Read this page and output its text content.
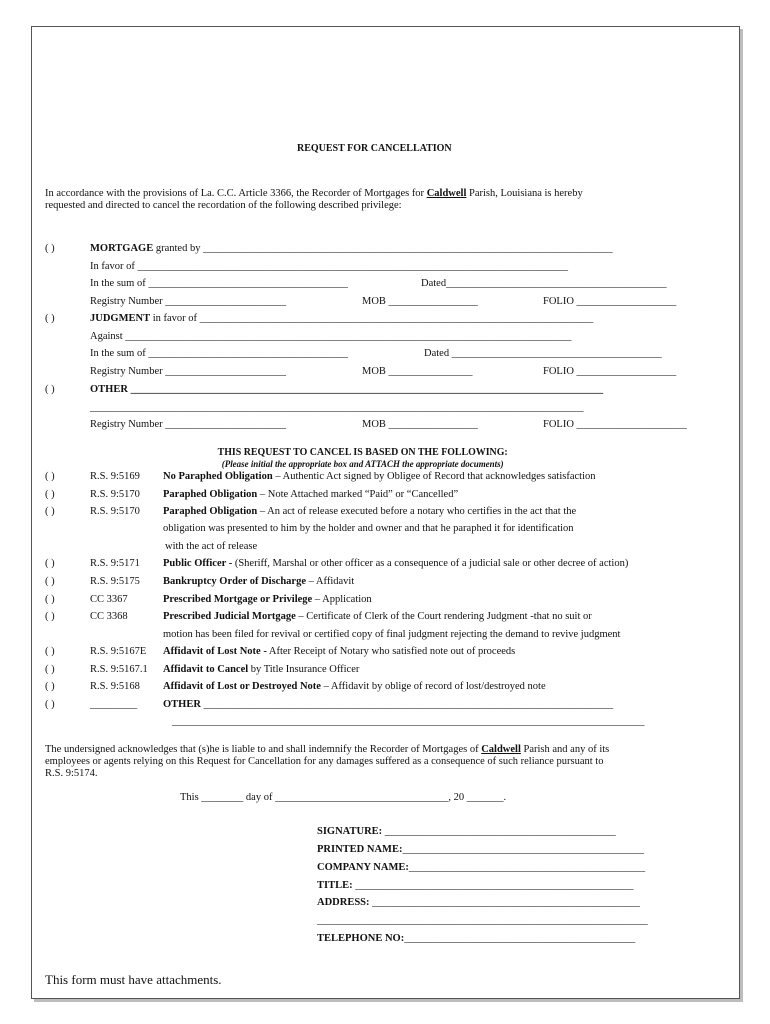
REQUEST FOR CANCELLATION
In accordance with the provisions of La. C.C. Article 3366, the Recorder of Mortgages for Caldwell Parish, Louisiana is hereby
requested and directed to cancel the recordation of the following described privilege:
( )	MORTGAGE granted by ______________________________________________________________________________
In favor of __________________________________________________________________________________
In the sum of ______________________________________	Dated__________________________________________
Registry Number _______________________	MOB _________________	FOLIO ___________________
( )	JUDGMENT in favor of ___________________________________________________________________________
Against _____________________________________________________________________________________
In the sum of ______________________________________	Dated ________________________________________
Registry Number _______________________	MOB ________________	FOLIO ___________________
( )	OTHER __________________________________________________________________________________________
______________________________________________________________________________________________
Registry Number _______________________	MOB _________________	FOLIO _____________________
THIS REQUEST TO CANCEL IS BASED ON THE FOLLOWING:
(Please initial the appropriate box and ATTACH the appropriate documents)
( )	R.S. 9:5169 No Paraphed Obligation – Authentic Act signed by Obligee of Record that acknowledges satisfaction
( )	R.S. 9:5170 Paraphed Obligation – Note Attached marked “Paid” or “Cancelled”
( )	R.S. 9:5170 Paraphed Obligation – An act of release executed before a notary who certifies in the act that the
obligation was presented to him by the holder and owner and that he paraphed it for identification
with the act of release
( )	R.S. 9:5171 Public Officer - (Sheriff, Marshal or other officer as a consequence of a judicial sale or other decree of action)
( )	R.S. 9:5175 Bankruptcy Order of Discharge – Affidavit
( )	CC 3367	Prescribed Mortgage or Privilege – Application
( )	CC 3368	Prescribed Judicial Mortgage – Certificate of Clerk of the Court rendering Judgment -that no suit or
motion has been filed for revival or certified copy of final judgment rejecting the demand to revive judgment
( )	R.S. 9:5167E Affidavit of Lost Note - After Receipt of Notary who satisfied note out of proceeds
( )	R.S. 9:5167.1 Affidavit to Cancel by Title Insurance Officer
( )	R.S. 9:5168 Affidavit of Lost or Destroyed Note – Affidavit by oblige of record of lost/destroyed note
( )	_________ OTHER ______________________________________________________________________________
__________________________________________________________________________________________
The undersigned acknowledges that (s)he is liable to and shall indemnify the Recorder of Mortgages of Caldwell Parish and any of its
employees or agents relying on this Request for Cancellation for any damages suffered as a consequence of such reliance pursuant to
R.S. 9:5174.
This ________ day of _________________________________, 20 _______.
SIGNATURE: ____________________________________________
PRINTED NAME:______________________________________________
COMPANY NAME:_____________________________________________
TITLE: _____________________________________________________
ADDRESS: ___________________________________________________
_______________________________________________________________
TELEPHONE NO:____________________________________________
This form must have attachments.
